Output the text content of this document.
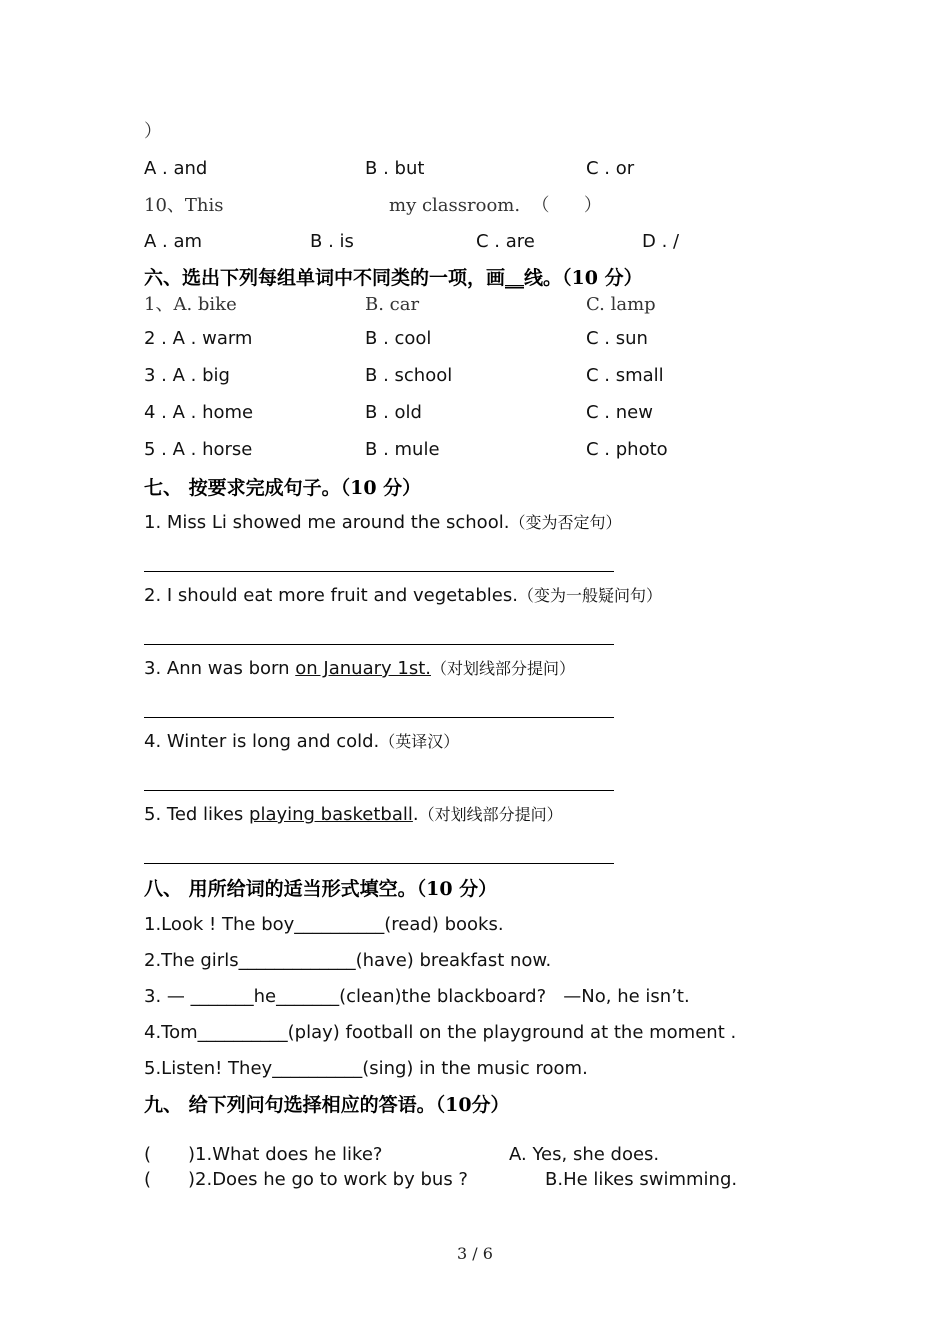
）
A . and	B . but	C . or
10、This	my classroom.  （      ）
A . am	B . is	C . are	D . /
六、选出下列每组单词中不同类的一项，画__线。（10 分）
1、A. bike	B. car	C. lamp
2 . A . warm	B . cool	C . sun
3 . A . big	B . school	C . small
4 . A . home	B . old	C . new
5 . A . horse	B . mule	C . photo
七、 按要求完成句子。（10 分）
1. Miss Li showed me around the school.（变为否定句）
2. I should eat more fruit and vegetables.（变为一般疑问句）
3. Ann was born on January 1st.（对划线部分提问）
4. Winter is long and cold.（英译汉）
5. Ted likes playing basketball.（对划线部分提问）
八、 用所给词的适当形式填空。（10 分）
1.Look ! The boy__________(read) books.
2.The girls_____________(have) breakfast now.
3. — _______he_______(clean)the blackboard?   —No, he isn’t.
4.Tom__________(play) football on the playground at the moment .
5.Listen! They__________(sing) in the music room.
九、 给下列问句选择相应的答语。（10分）
( )1.What does he like?	A. Yes, she does.
( )2.Does he go to work by bus ?	B.He likes swimming.
3 / 6
